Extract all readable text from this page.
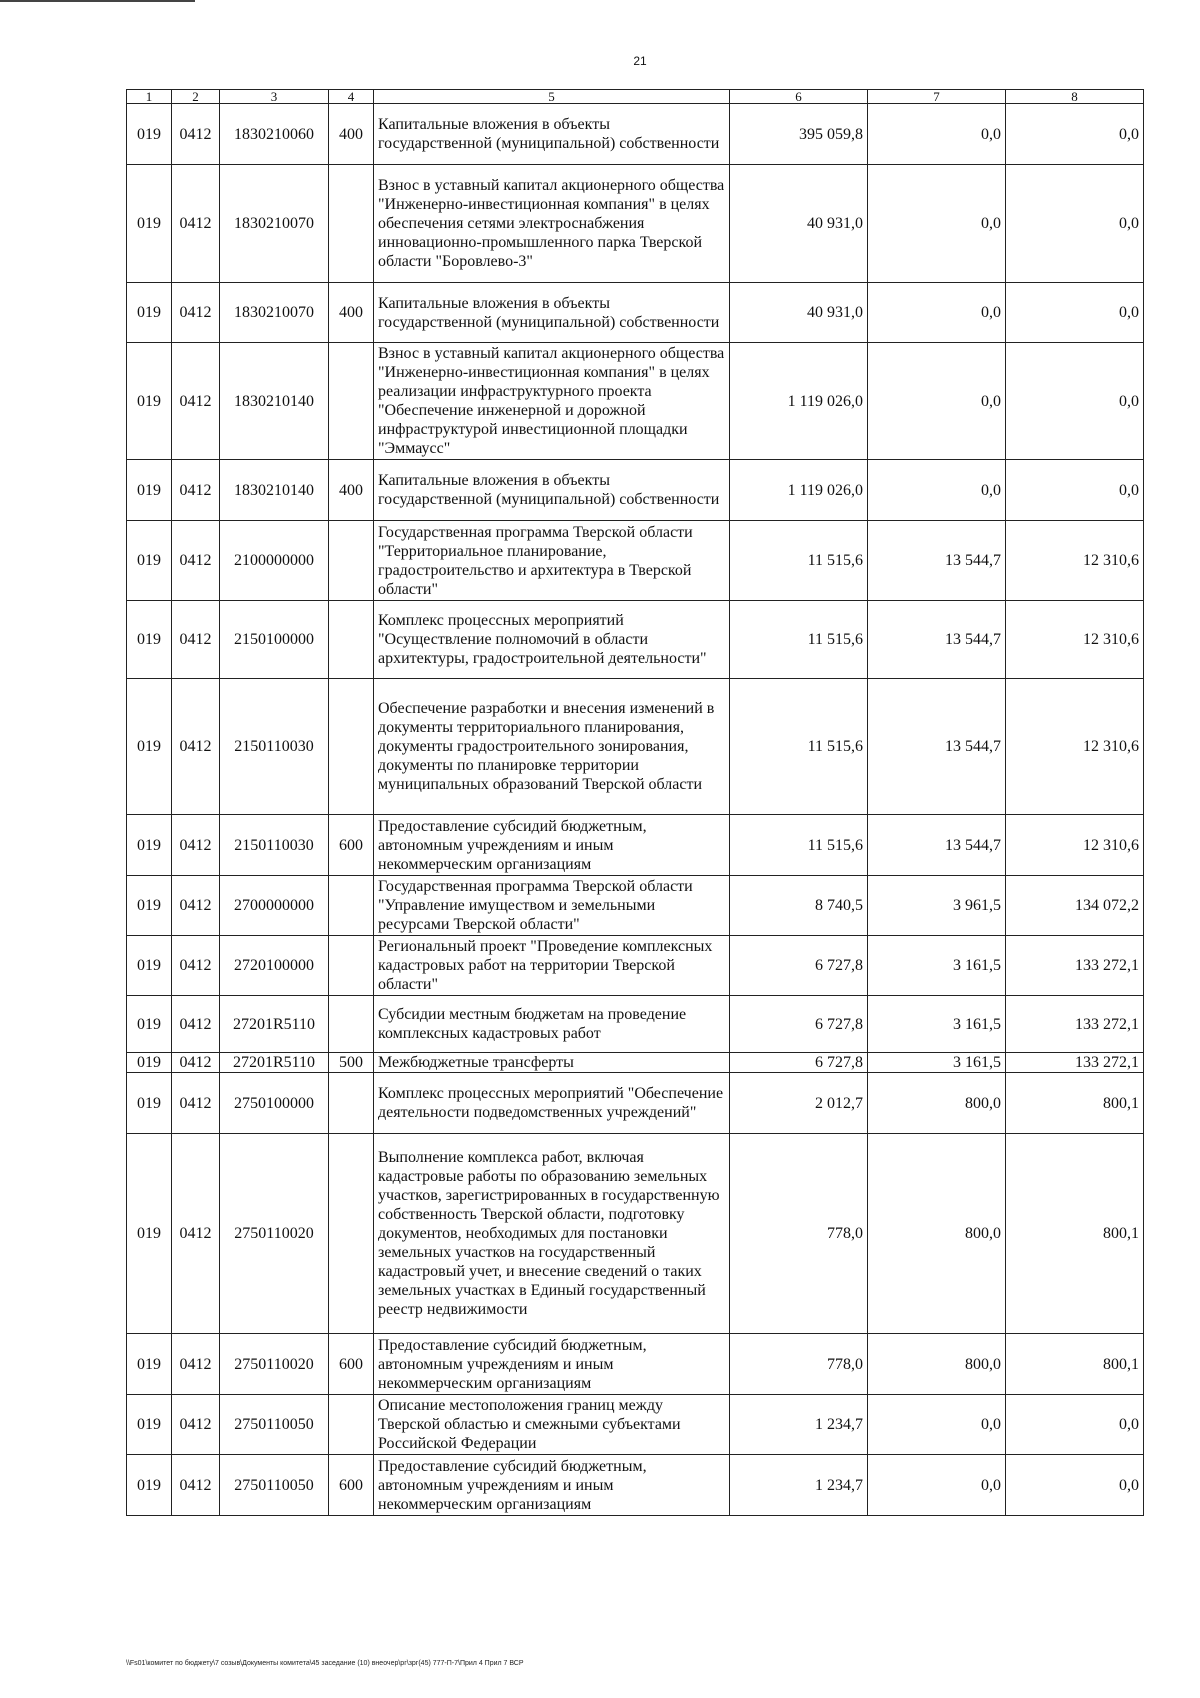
21
1	2	3	4	5	6	7	8
019	0412	1830210060	400	Капитальные вложения в объекты государственной (муниципальной) собственности	395 059,8	0,0	0,0
019	0412	1830210070		Взнос в уставный капитал акционерного общества "Инженерно-инвестиционная компания" в целях обеспечения сетями электроснабжения инновационно-промышленного парка Тверской области "Боровлево-3"	40 931,0	0,0	0,0
019	0412	1830210070	400	Капитальные вложения в объекты государственной (муниципальной) собственности	40 931,0	0,0	0,0
019	0412	1830210140		Взнос в уставный капитал акционерного общества "Инженерно-инвестиционная компания" в целях реализации инфраструктурного проекта "Обеспечение инженерной и дорожной инфраструктурой инвестиционной площадки "Эммаусс"	1 119 026,0	0,0	0,0
019	0412	1830210140	400	Капитальные вложения в объекты государственной (муниципальной) собственности	1 119 026,0	0,0	0,0
019	0412	2100000000		Государственная программа Тверской области "Территориальное планирование, градостроительство и архитектура в Тверской области"	11 515,6	13 544,7	12 310,6
019	0412	2150100000		Комплекс процессных мероприятий "Осуществление полномочий в области архитектуры, градостроительной деятельности"	11 515,6	13 544,7	12 310,6
019	0412	2150110030		Обеспечение разработки и внесения изменений в документы территориального планирования, документы градостроительного зонирования, документы по планировке территории муниципальных образований Тверской области	11 515,6	13 544,7	12 310,6
019	0412	2150110030	600	Предоставление субсидий бюджетным, автономным учреждениям и иным некоммерческим организациям	11 515,6	13 544,7	12 310,6
019	0412	2700000000		Государственная программа Тверской области "Управление имуществом и земельными ресурсами Тверской области"	8 740,5	3 961,5	134 072,2
019	0412	2720100000		Региональный проект "Проведение комплексных кадастровых работ на территории Тверской области"	6 727,8	3 161,5	133 272,1
019	0412	27201R5110		Субсидии местным бюджетам на проведение комплексных кадастровых работ	6 727,8	3 161,5	133 272,1
019	0412	27201R5110	500	Межбюджетные трансферты	6 727,8	3 161,5	133 272,1
019	0412	2750100000		Комплекс процессных мероприятий "Обеспечение деятельности подведомственных учреждений"	2 012,7	800,0	800,1
019	0412	2750110020		Выполнение комплекса работ, включая кадастровые работы по образованию земельных участков, зарегистрированных в государственную собственность Тверской области, подготовку документов, необходимых для постановки земельных участков на государственный кадастровый учет, и внесение сведений о таких земельных участках в Единый государственный реестр недвижимости	778,0	800,0	800,1
019	0412	2750110020	600	Предоставление субсидий бюджетным, автономным учреждениям и иным некоммерческим организациям	778,0	800,0	800,1
019	0412	2750110050		Описание местоположения границ между Тверской областью и смежными субъектами Российской Федерации	1 234,7	0,0	0,0
019	0412	2750110050	600	Предоставление субсидий бюджетным, автономным учреждениям и иным некоммерческим организациям	1 234,7	0,0	0,0
\\Fs01\комитет по бюджету\7 созыв\Документы комитета\45 заседание (10) внеочер\рг\зрг(45) 777-П-7\Прил 4 Прил 7 ВСР
